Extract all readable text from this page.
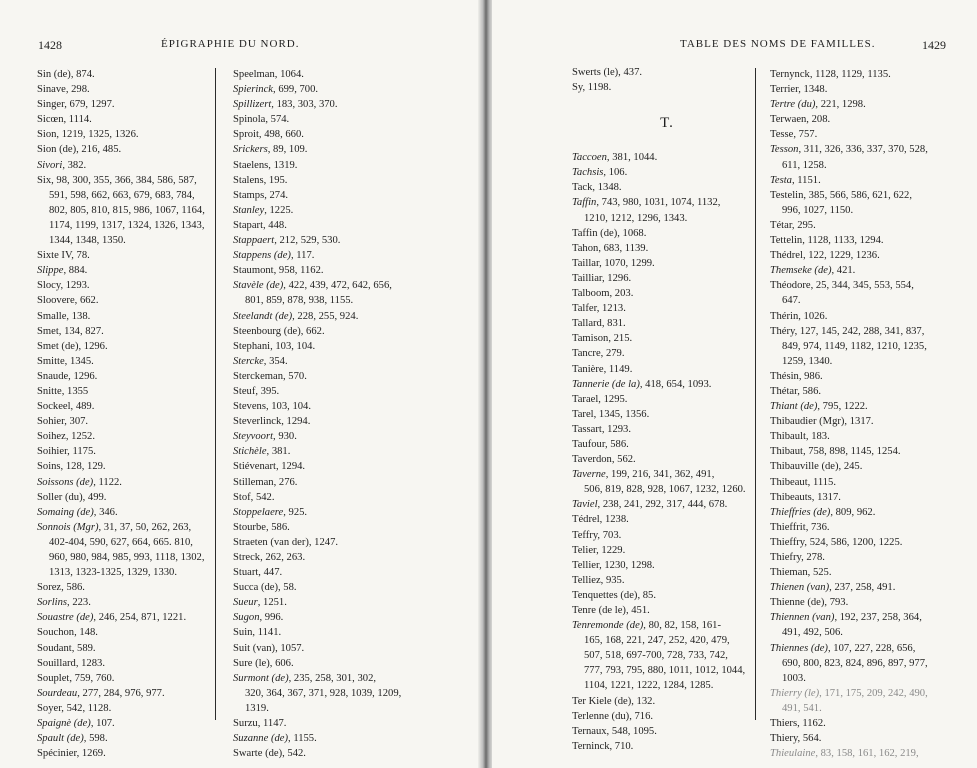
1428	ÉPIGRAPHIE DU NORD.
Sin (de), 874.
Sinave, 298.
Singer, 679, 1297.
Sicœn, 1114.
Sion, 1219, 1325, 1326.
Sion (de), 216, 485.
Sivori, 382.
Six, 98, 300, 355, 366, 384, 586, 587,
591, 598, 662, 663, 679, 683, 784,
802, 805, 810, 815, 986, 1067, 1164,
1174, 1199, 1317, 1324, 1326, 1343,
1344, 1348, 1350.
Sixte IV, 78.
Slippe, 884.
Slocy, 1293.
Sloovere, 662.
Smalle, 138.
Smet, 134, 827.
Smet (de), 1296.
Smitte, 1345.
Snaude, 1296.
Snitte, 1355
Sockeel, 489.
Sohier, 307.
Soihez, 1252.
Soihier, 1175.
Soins, 128, 129.
Soissons (de), 1122.
Soller (du), 499.
Somaing (de), 346.
Sonnois (Mgr), 31, 37, 50, 262, 263,
402-404, 590, 627, 664, 665. 810,
960, 980, 984, 985, 993, 1118, 1302,
1313, 1323-1325, 1329, 1330.
Sorez, 586.
Sorlins, 223.
Souastre (de), 246, 254, 871, 1221.
Souchon, 148.
Soudant, 589.
Souillard, 1283.
Souplet, 759, 760.
Sourdeau, 277, 284, 976, 977.
Soyer, 542, 1128.
Spaignè (de), 107.
Spault (de), 598.
Spécinier, 1269.
Speelman, 1064.
Spierinck, 699, 700.
Spillizert, 183, 303, 370.
Spinola, 574.
Sproit, 498, 660.
Srickers, 89, 109.
Staelens, 1319.
Stalens, 195.
Stamps, 274.
Stanley, 1225.
Stapart, 448.
Stappaert, 212, 529, 530.
Stappens (de), 117.
Staumont, 958, 1162.
Stavèle (de), 422, 439, 472, 642, 656,
801, 859, 878, 938, 1155.
Steelandt (de), 228, 255, 924.
Steenbourg (de), 662.
Stephani, 103, 104.
Stercke, 354.
Sterckeman, 570.
Steuf, 395.
Stevens, 103, 104.
Steverlinck, 1294.
Steyvoort, 930.
Stichèle, 381.
Stiévenart, 1294.
Stilleman, 276.
Stof, 542.
Stoppelaere, 925.
Stourbe, 586.
Straeten (van der), 1247.
Streck, 262, 263.
Stuart, 447.
Succa (de), 58.
Sueur, 1251.
Sugon, 996.
Suin, 1141.
Suit (van), 1057.
Sure (le), 606.
Surmont (de), 235, 258, 301, 302,
320, 364, 367, 371, 928, 1039, 1209,
1319.
Surzu, 1147.
Suzanne (de), 1155.
Swarte (de), 542.
TABLE DES NOMS DE FAMILLES.	1429
Swerts (le), 437.
Sy, 1198.
T.
Taccoen, 381, 1044.
Tachsis, 106.
Tack, 1348.
Taffin, 743, 980, 1031, 1074, 1132,
1210, 1212, 1296, 1343.
Taffin (de), 1068.
Tahon, 683, 1139.
Taillar, 1070, 1299.
Tailliar, 1296.
Talboom, 203.
Talfer, 1213.
Tallard, 831.
Tamison, 215.
Tancre, 279.
Tanière, 1149.
Tannerie (de la), 418, 654, 1093.
Tarael, 1295.
Tarel, 1345, 1356.
Tassart, 1293.
Taufour, 586.
Taverdon, 562.
Taverne, 199, 216, 341, 362, 491,
506, 819, 828, 928, 1067, 1232, 1260.
Taviel, 238, 241, 292, 317, 444, 678.
Tédrel, 1238.
Teffry, 703.
Telier, 1229.
Tellier, 1230, 1298.
Telliez, 935.
Tenquettes (de), 85.
Tenre (de le), 451.
Tenremonde (de), 80, 82, 158, 161-
165, 168, 221, 247, 252, 420, 479,
507, 518, 697-700, 728, 733, 742,
777, 793, 795, 880, 1011, 1012, 1044,
1104, 1221, 1222, 1284, 1285.
Ter Kiele (de), 132.
Terlenne (du), 716.
Ternaux, 548, 1095.
Terninck, 710.
Ternynck, 1128, 1129, 1135.
Terrier, 1348.
Tertre (du), 221, 1298.
Terwaen, 208.
Tesse, 757.
Tesson, 311, 326, 336, 337, 370, 528,
611, 1258.
Testa, 1151.
Testelin, 385, 566, 586, 621, 622,
996, 1027, 1150.
Tétar, 295.
Tettelin, 1128, 1133, 1294.
Thédrel, 122, 1229, 1236.
Themseke (de), 421.
Théodore, 25, 344, 345, 553, 554,
647.
Thérin, 1026.
Théry, 127, 145, 242, 288, 341, 837,
849, 974, 1149, 1182, 1210, 1235,
1259, 1340.
Thésin, 986.
Thétar, 586.
Thiant (de), 795, 1222.
Thibaudier (Mgr), 1317.
Thibault, 183.
Thibaut, 758, 898, 1145, 1254.
Thibauville (de), 245.
Thibeaut, 1115.
Thibeauts, 1317.
Thieffries (de), 809, 962.
Thieffrit, 736.
Thieffry, 524, 586, 1200, 1225.
Thiefry, 278.
Thieman, 525.
Thienen (van), 237, 258, 491.
Thienne (de), 793.
Thiennen (van), 192, 237, 258, 364,
491, 492, 506.
Thiennes (de), 107, 227, 228, 656,
690, 800, 823, 824, 896, 897, 977,
1003.
Thierry (le), 171, 175, 209, 242, 490,
491, 541.
Thiers, 1162.
Thiery, 564.
Thieulaine, 83, 158, 161, 162, 219,
